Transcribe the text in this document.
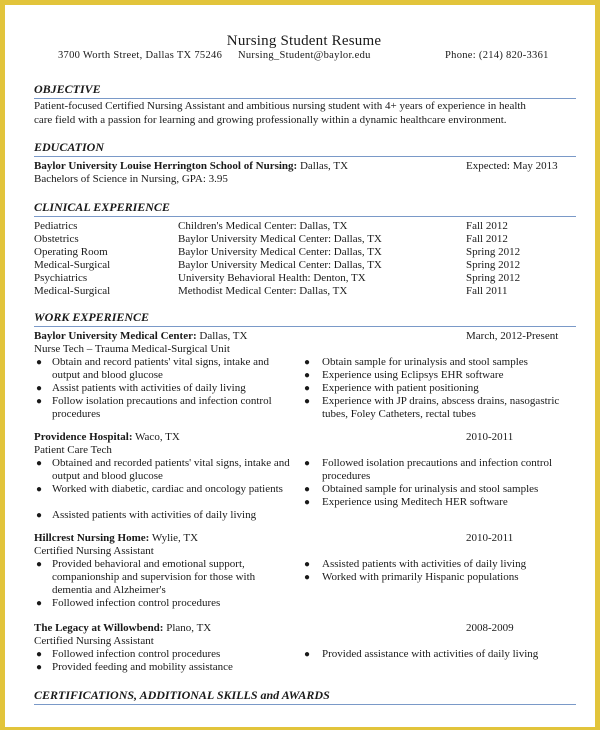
Nursing Student Resume
3700 Worth Street, Dallas TX 75246 Nursing_Student@baylor.edu	Phone: (214) 820-3361
OBJECTIVE
Patient-focused Certified Nursing Assistant and ambitious nursing student with 4+ years of experience in health
care field with a passion for learning and growing professionally within a dynamic healthcare environment.
EDUCATION
Baylor University Louise Herrington School of Nursing: Dallas, TX	Expected: May 2013
Bachelors of Science in Nursing, GPA: 3.95
CLINICAL EXPERIENCE
Pediatrics	Children's Medical Center: Dallas, TX	Fall 2012
Obstetrics	Baylor University Medical Center: Dallas, TX	Fall 2012
Operating Room	Baylor University Medical Center: Dallas, TX	Spring 2012
Medical-Surgical	Baylor University Medical Center: Dallas, TX	Spring 2012
Psychiatrics	University Behavioral Health: Denton, TX	Spring 2012
Medical-Surgical	Methodist Medical Center: Dallas, TX	Fall 2011
WORK EXPERIENCE
Baylor University Medical Center: Dallas, TX	March, 2012-Present
Nurse Tech – Trauma Medical-Surgical Unit
● Obtain and record patients' vital signs, intake and output and blood glucose
● Assist patients with activities of daily living
● Follow isolation precautions and infection control procedures
● Obtain sample for urinalysis and stool samples
● Experience using Eclipsys EHR software
● Experience with patient positioning
● Experience with JP drains, abscess drains, nasogastric tubes, Foley Catheters, rectal tubes
Providence Hospital: Waco, TX	2010-2011
Patient Care Tech
● Obtained and recorded patients' vital signs, intake and output and blood glucose
● Worked with diabetic, cardiac and oncology patients
● Assisted patients with activities of daily living
● Followed isolation precautions and infection control procedures
● Obtained sample for urinalysis and stool samples
● Experience using Meditech HER software
Hillcrest Nursing Home: Wylie, TX	2010-2011
Certified Nursing Assistant
● Provided behavioral and emotional support, companionship and supervision for those with dementia and Alzheimer's
● Followed infection control procedures
● Assisted patients with activities of daily living
● Worked with primarily Hispanic populations
The Legacy at Willowbend: Plano, TX	2008-2009
Certified Nursing Assistant
● Followed infection control procedures
● Provided feeding and mobility assistance
● Provided assistance with activities of daily living
CERTIFICATIONS, ADDITIONAL SKILLS and AWARDS
